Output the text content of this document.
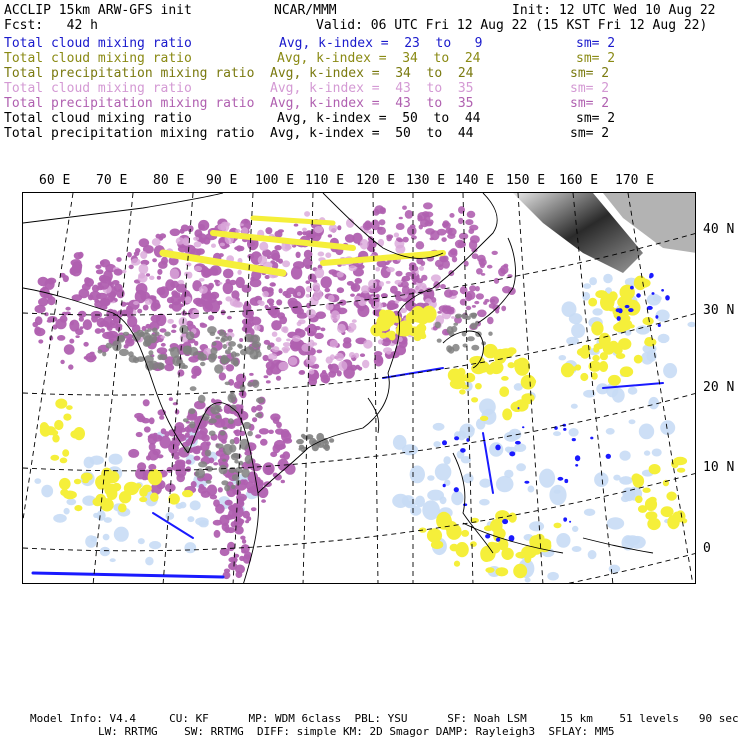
ACCLIP 15km ARW-GFS init	NCAR/MMM	Init: 12 UTC Wed 10 Aug 22
Fcst:   42 h	Valid: 06 UTC Fri 12 Aug 22 (15 KST Fri 12 Aug 22)
Total cloud mixing ratio	Avg, k-index =  23  to   9	sm= 2
Total cloud mixing ratio	Avg, k-index =  34  to  24	sm= 2
Total precipitation mixing ratio Avg, k-index =  34  to  24	sm= 2
Total cloud mixing ratio	Avg, k-index =  43  to  35	sm= 2
Total precipitation mixing ratio Avg, k-index =  43  to  35	sm= 2
Total cloud mixing ratio	Avg, k-index =  50  to  44	sm= 2
Total precipitation mixing ratio Avg, k-index =  50  to  44	sm= 2
60 E 70 E 80 E 90 E 100 E 110 E 120 E 130 E 140 E 150 E 160 E 170 E
40 N
30 N
20 N
10 N
0
Model Info: V4.4     CU: KF      MP: WDM 6class  PBL: YSU      SF: Noah LSM     15 km    51 levels   90 sec
LW: RRTMG    SW: RRTMG  DIFF: simple KM: 2D Smagor DAMP: Rayleigh3  SFLAY: MM5
